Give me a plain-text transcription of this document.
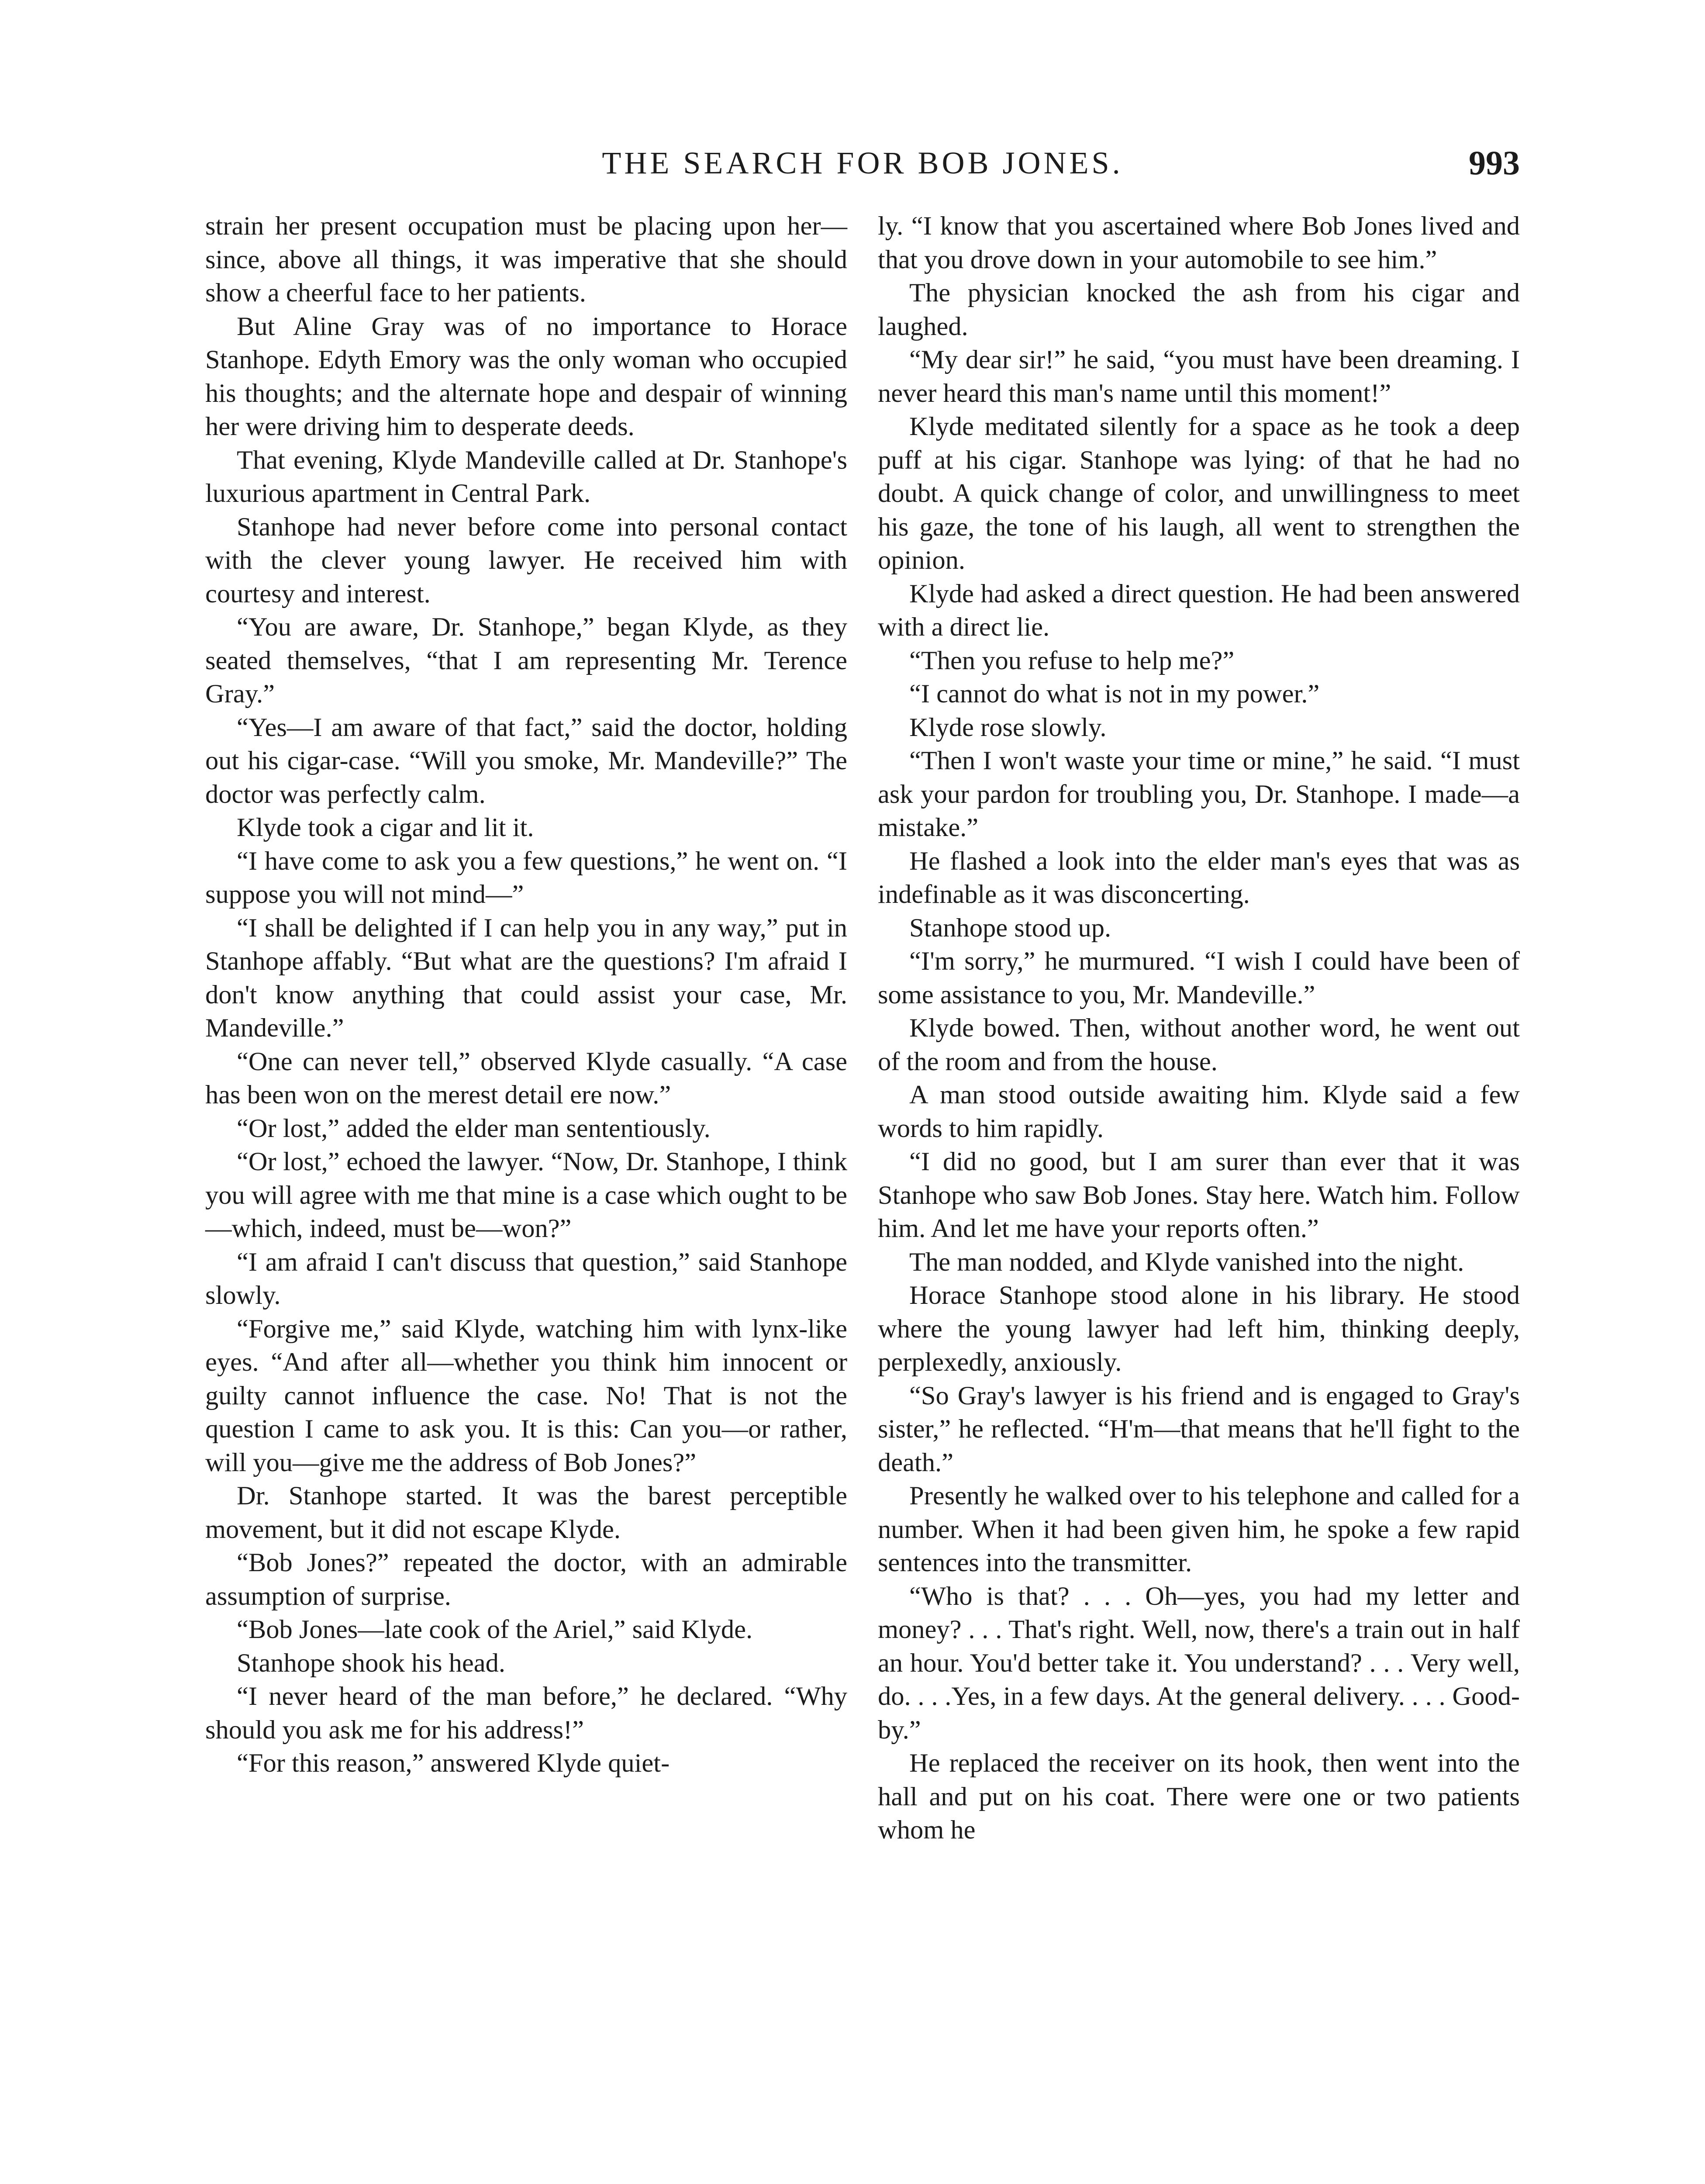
THE SEARCH FOR BOB JONES.	993

strain her present occupation must be placing upon her—since, above all things, it was imperative that she should show a cheerful face to her patients.

But Aline Gray was of no importance to Horace Stanhope. Edyth Emory was the only woman who occupied his thoughts; and the alternate hope and despair of winning her were driving him to desperate deeds.

That evening, Klyde Mandeville called at Dr. Stanhope's luxurious apartment in Central Park.

Stanhope had never before come into personal contact with the clever young lawyer. He received him with courtesy and interest.

“You are aware, Dr. Stanhope,” began Klyde, as they seated themselves, “that I am representing Mr. Terence Gray.”

“Yes—I am aware of that fact,” said the doctor, holding out his cigar-case. “Will you smoke, Mr. Mandeville?” The doctor was perfectly calm.

Klyde took a cigar and lit it.

“I have come to ask you a few questions,” he went on. “I suppose you will not mind—”

“I shall be delighted if I can help you in any way,” put in Stanhope affably. “But what are the questions? I'm afraid I don't know anything that could assist your case, Mr. Mandeville.”

“One can never tell,” observed Klyde casually. “A case has been won on the merest detail ere now.”

“Or lost,” added the elder man sententiously.

“Or lost,” echoed the lawyer. “Now, Dr. Stanhope, I think you will agree with me that mine is a case which ought to be—which, indeed, must be—won?”

“I am afraid I can't discuss that question,” said Stanhope slowly.

“Forgive me,” said Klyde, watching him with lynx-like eyes. “And after all—whether you think him innocent or guilty cannot influence the case. No! That is not the question I came to ask you. It is this: Can you—or rather, will you—give me the address of Bob Jones?”

Dr. Stanhope started. It was the barest perceptible movement, but it did not escape Klyde.

“Bob Jones?” repeated the doctor, with an admirable assumption of surprise.

“Bob Jones—late cook of the Ariel,” said Klyde.

Stanhope shook his head.

“I never heard of the man before,” he declared. “Why should you ask me for his address!”

“For this reason,” answered Klyde quiet-

ly. “I know that you ascertained where Bob Jones lived and that you drove down in your automobile to see him.”

The physician knocked the ash from his cigar and laughed.

“My dear sir!” he said, “you must have been dreaming. I never heard this man's name until this moment!”

Klyde meditated silently for a space as he took a deep puff at his cigar. Stanhope was lying: of that he had no doubt. A quick change of color, and unwillingness to meet his gaze, the tone of his laugh, all went to strengthen the opinion.

Klyde had asked a direct question. He had been answered with a direct lie.

“Then you refuse to help me?”

“I cannot do what is not in my power.”

Klyde rose slowly.

“Then I won't waste your time or mine,” he said. “I must ask your pardon for troubling you, Dr. Stanhope. I made—a mistake.”

He flashed a look into the elder man's eyes that was as indefinable as it was disconcerting.

Stanhope stood up.

“I'm sorry,” he murmured. “I wish I could have been of some assistance to you, Mr. Mandeville.”

Klyde bowed. Then, without another word, he went out of the room and from the house.

A man stood outside awaiting him. Klyde said a few words to him rapidly.

“I did no good, but I am surer than ever that it was Stanhope who saw Bob Jones. Stay here. Watch him. Follow him. And let me have your reports often.”

The man nodded, and Klyde vanished into the night.

Horace Stanhope stood alone in his library. He stood where the young lawyer had left him, thinking deeply, perplexedly, anxiously.

“So Gray's lawyer is his friend and is engaged to Gray's sister,” he reflected. “H'm—that means that he'll fight to the death.”

Presently he walked over to his telephone and called for a number. When it had been given him, he spoke a few rapid sentences into the transmitter.

“Who is that? . . . Oh—yes, you had my letter and money? . . . That's right. Well, now, there's a train out in half an hour. You'd better take it. You understand? . . . Very well, do. . . .Yes, in a few days. At the general delivery. . . . Good-by.”

He replaced the receiver on its hook, then went into the hall and put on his coat. There were one or two patients whom he
